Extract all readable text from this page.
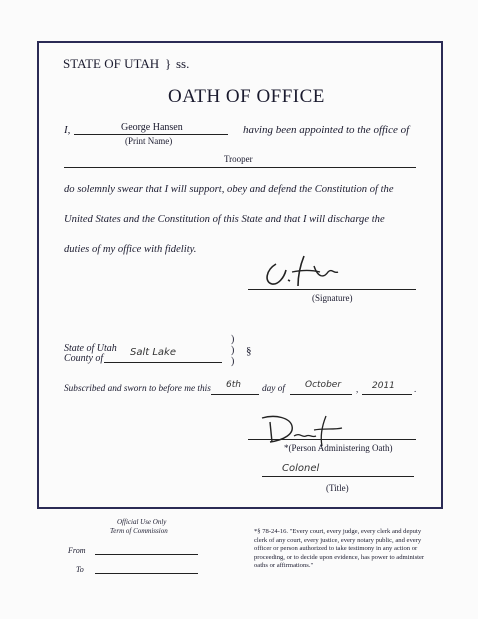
STATE OF UTAH } ss.
OATH OF OFFICE
I,	George Hansen
(Print Name)
having been appointed to the office of
Trooper
do solemnly swear that I will support, obey and defend the Constitution of the
United States and the Constitution of this State and that I will discharge the
duties of my office with fidelity.
(Signature)
State of Utah
County of
Salt Lake
)
)
)
§
Subscribed and sworn to before me this 6th day of October , 2011 .
*(Person Administering Oath)
Colonel
(Title)
Official Use Only
Term of Commission
From
To
*§ 78-24-16. "Every court, every judge, every clerk and deputy clerk of any court, every justice, every notary public, and every officer or person authorized to take testimony in any action or proceeding, or to decide upon evidence, has power to administer oaths or affirmations."
